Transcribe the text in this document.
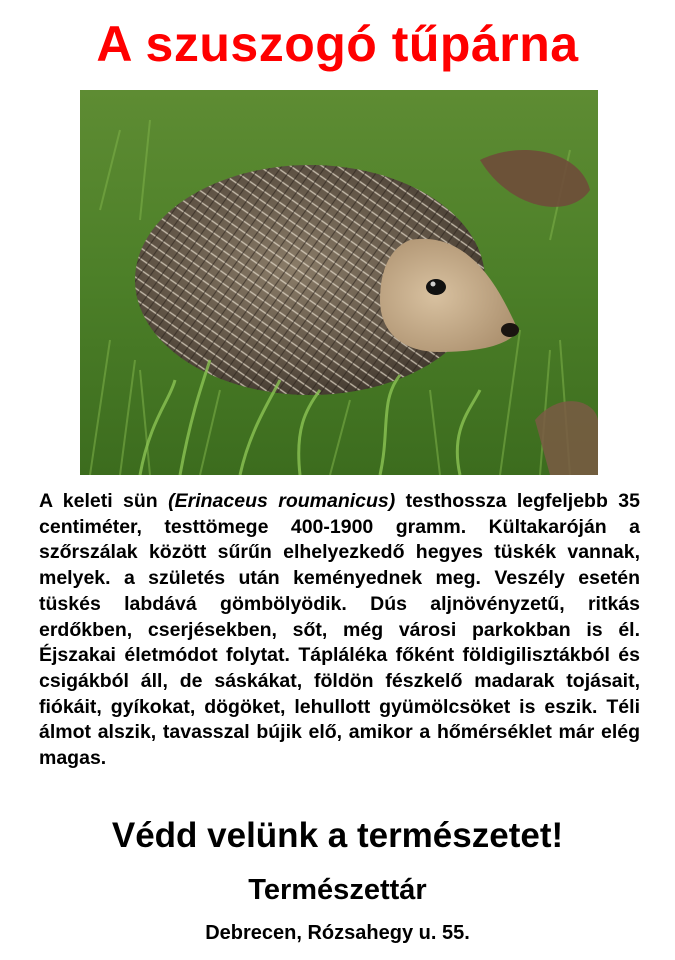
A szuszogó tűpárna
A keleti sün (Erinaceus roumanicus) testhossza legfeljebb 35 centiméter, testtömege 400-1900 gramm. Kültakaróján a szőrszálak között sűrűn elhelyezkedő hegyes tüskék vannak, melyek. a születés után keményednek meg. Veszély esetén tüskés labdává gömbölyödik. Dús aljnövényzetű, ritkás erdőkben, cserjésekben, sőt, még városi parkokban is él. Éjszakai életmódot folytat. Tápláléka főként földigilisztákból és csigákból áll, de sáskákat, földön fészkelő madarak tojásait, fiókáit, gyíkokat, dögöket, lehullott gyümölcsöket is eszik. Téli álmot alszik, tavasszal bújik elő, amikor a hőmérséklet már elég magas.
Védd velünk a természetet!
Természettár
Debrecen, Rózsahegy u. 55.
